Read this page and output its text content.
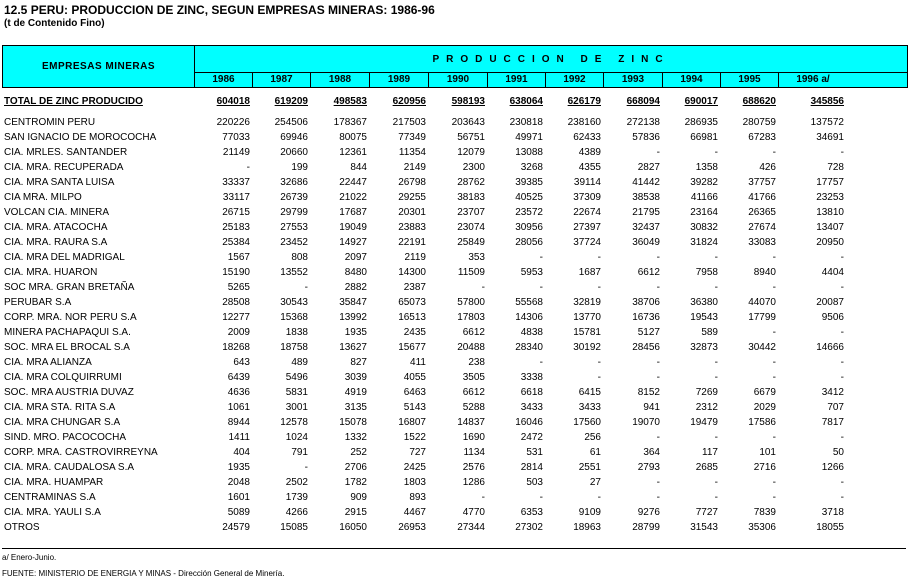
12.5 PERU: PRODUCCION DE ZINC, SEGUN EMPRESAS MINERAS: 1986-96
(t de Contenido Fino)
EMPRESAS MINERAS
PRODUCCION DE ZINC
1986	1987	1988	1989	1990	1991	1992	1993	1994	1995	1996 a/
TOTAL DE ZINC PRODUCIDO	604018	619209	498583	620956	598193	638064	626179	668094	690017	688620	345856
CENTROMIN PERU	220226	254506	178367	217503	203643	230818	238160	272138	286935	280759	137572
SAN IGNACIO DE MOROCOCHA	77033	69946	80075	77349	56751	49971	62433	57836	66981	67283	34691
CIA. MRLES. SANTANDER	21149	20660	12361	11354	12079	13088	4389	-	-	-	-
CIA. MRA. RECUPERADA	-	199	844	2149	2300	3268	4355	2827	1358	426	728
CIA. MRA SANTA LUISA	33337	32686	22447	26798	28762	39385	39114	41442	39282	37757	17757
CIA MRA. MILPO	33117	26739	21022	29255	38183	40525	37309	38538	41166	41766	23253
VOLCAN CIA. MINERA	26715	29799	17687	20301	23707	23572	22674	21795	23164	26365	13810
CIA. MRA. ATACOCHA	25183	27553	19049	23883	23074	30956	27397	32437	30832	27674	13407
CIA. MRA. RAURA S.A	25384	23452	14927	22191	25849	28056	37724	36049	31824	33083	20950
CIA. MRA DEL MADRIGAL	1567	808	2097	2119	353	-	-	-	-	-	-
CIA. MRA. HUARON	15190	13552	8480	14300	11509	5953	1687	6612	7958	8940	4404
SOC MRA. GRAN BRETAÑA	5265	-	2882	2387	-	-	-	-	-	-	-
PERUBAR S.A	28508	30543	35847	65073	57800	55568	32819	38706	36380	44070	20087
CORP. MRA. NOR PERU S.A	12277	15368	13992	16513	17803	14306	13770	16736	19543	17799	9506
MINERA PACHAPAQUI S.A.	2009	1838	1935	2435	6612	4838	15781	5127	589	-	-
SOC. MRA EL BROCAL S.A	18268	18758	13627	15677	20488	28340	30192	28456	32873	30442	14666
CIA. MRA ALIANZA	643	489	827	411	238	-	-	-	-	-	-
CIA. MRA COLQUIRRUMI	6439	5496	3039	4055	3505	3338	-	-	-	-	-
SOC. MRA AUSTRIA DUVAZ	4636	5831	4919	6463	6612	6618	6415	8152	7269	6679	3412
CIA. MRA STA. RITA S.A	1061	3001	3135	5143	5288	3433	3433	941	2312	2029	707
CIA. MRA CHUNGAR S.A	8944	12578	15078	16807	14837	16046	17560	19070	19479	17586	7817
SIND. MRO. PACOCOCHA	1411	1024	1332	1522	1690	2472	256	-	-	-	-
CORP. MRA. CASTROVIRREYNA	404	791	252	727	1134	531	61	364	117	101	50
CIA. MRA. CAUDALOSA S.A	1935	-	2706	2425	2576	2814	2551	2793	2685	2716	1266
CIA. MRA. HUAMPAR	2048	2502	1782	1803	1286	503	27	-	-	-	-
CENTRAMINAS S.A	1601	1739	909	893	-	-	-	-	-	-	-
CIA. MRA. YAULI S.A	5089	4266	2915	4467	4770	6353	9109	9276	7727	7839	3718
OTROS	24579	15085	16050	26953	27344	27302	18963	28799	31543	35306	18055
a/ Enero-Junio.
FUENTE: MINISTERIO DE ENERGIA Y MINAS - Dirección General de Minería.
